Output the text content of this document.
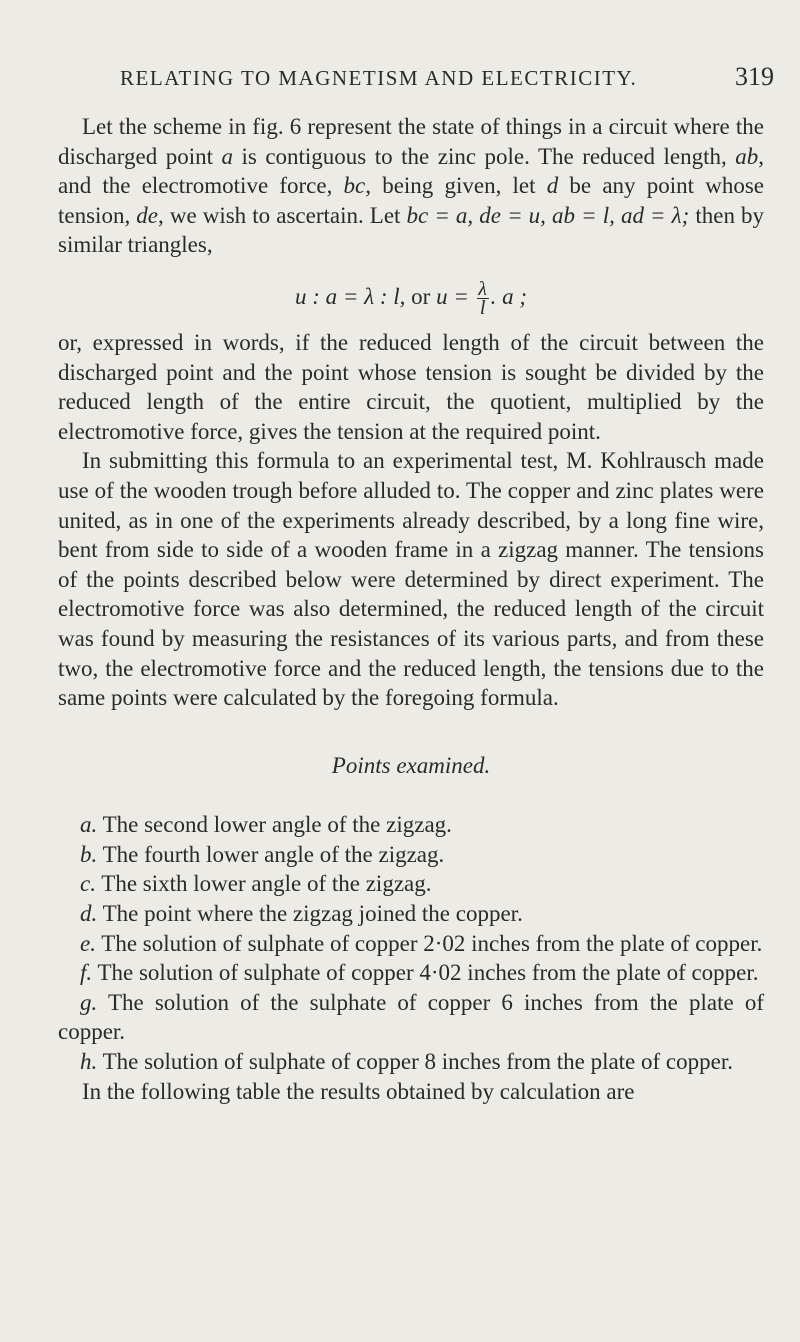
RELATING TO MAGNETISM AND ELECTRICITY.	319

Let the scheme in fig. 6 represent the state of things in a circuit where the discharged point a is contiguous to the zinc pole. The reduced length, ab, and the electromotive force, bc, being given, let d be any point whose tension, de, we wish to ascertain. Let bc = a, de = u, ab = l, ad = λ; then by similar triangles,

u : a = λ : l, or $u = \frac{\lambda}{l}$ . a ;

or, expressed in words, if the reduced length of the circuit between the discharged point and the point whose tension is sought be divided by the reduced length of the entire circuit, the quotient, multiplied by the electromotive force, gives the tension at the required point.

In submitting this formula to an experimental test, M. Kohlrausch made use of the wooden trough before alluded to. The copper and zinc plates were united, as in one of the experiments already described, by a long fine wire, bent from side to side of a wooden frame in a zigzag manner. The tensions of the points described below were determined by direct experiment. The electromotive force was also determined, the reduced length of the circuit was found by measuring the resistances of its various parts, and from these two, the electromotive force and the reduced length, the tensions due to the same points were calculated by the foregoing formula.

Points examined.

a. The second lower angle of the zigzag.

b. The fourth lower angle of the zigzag.

c. The sixth lower angle of the zigzag.

d. The point where the zigzag joined the copper.

e. The solution of sulphate of copper 2·02 inches from the plate of copper.

f. The solution of sulphate of copper 4·02 inches from the plate of copper.

g. The solution of the sulphate of copper 6 inches from the plate of copper.

h. The solution of sulphate of copper 8 inches from the plate of copper.

In the following table the results obtained by calculation are
